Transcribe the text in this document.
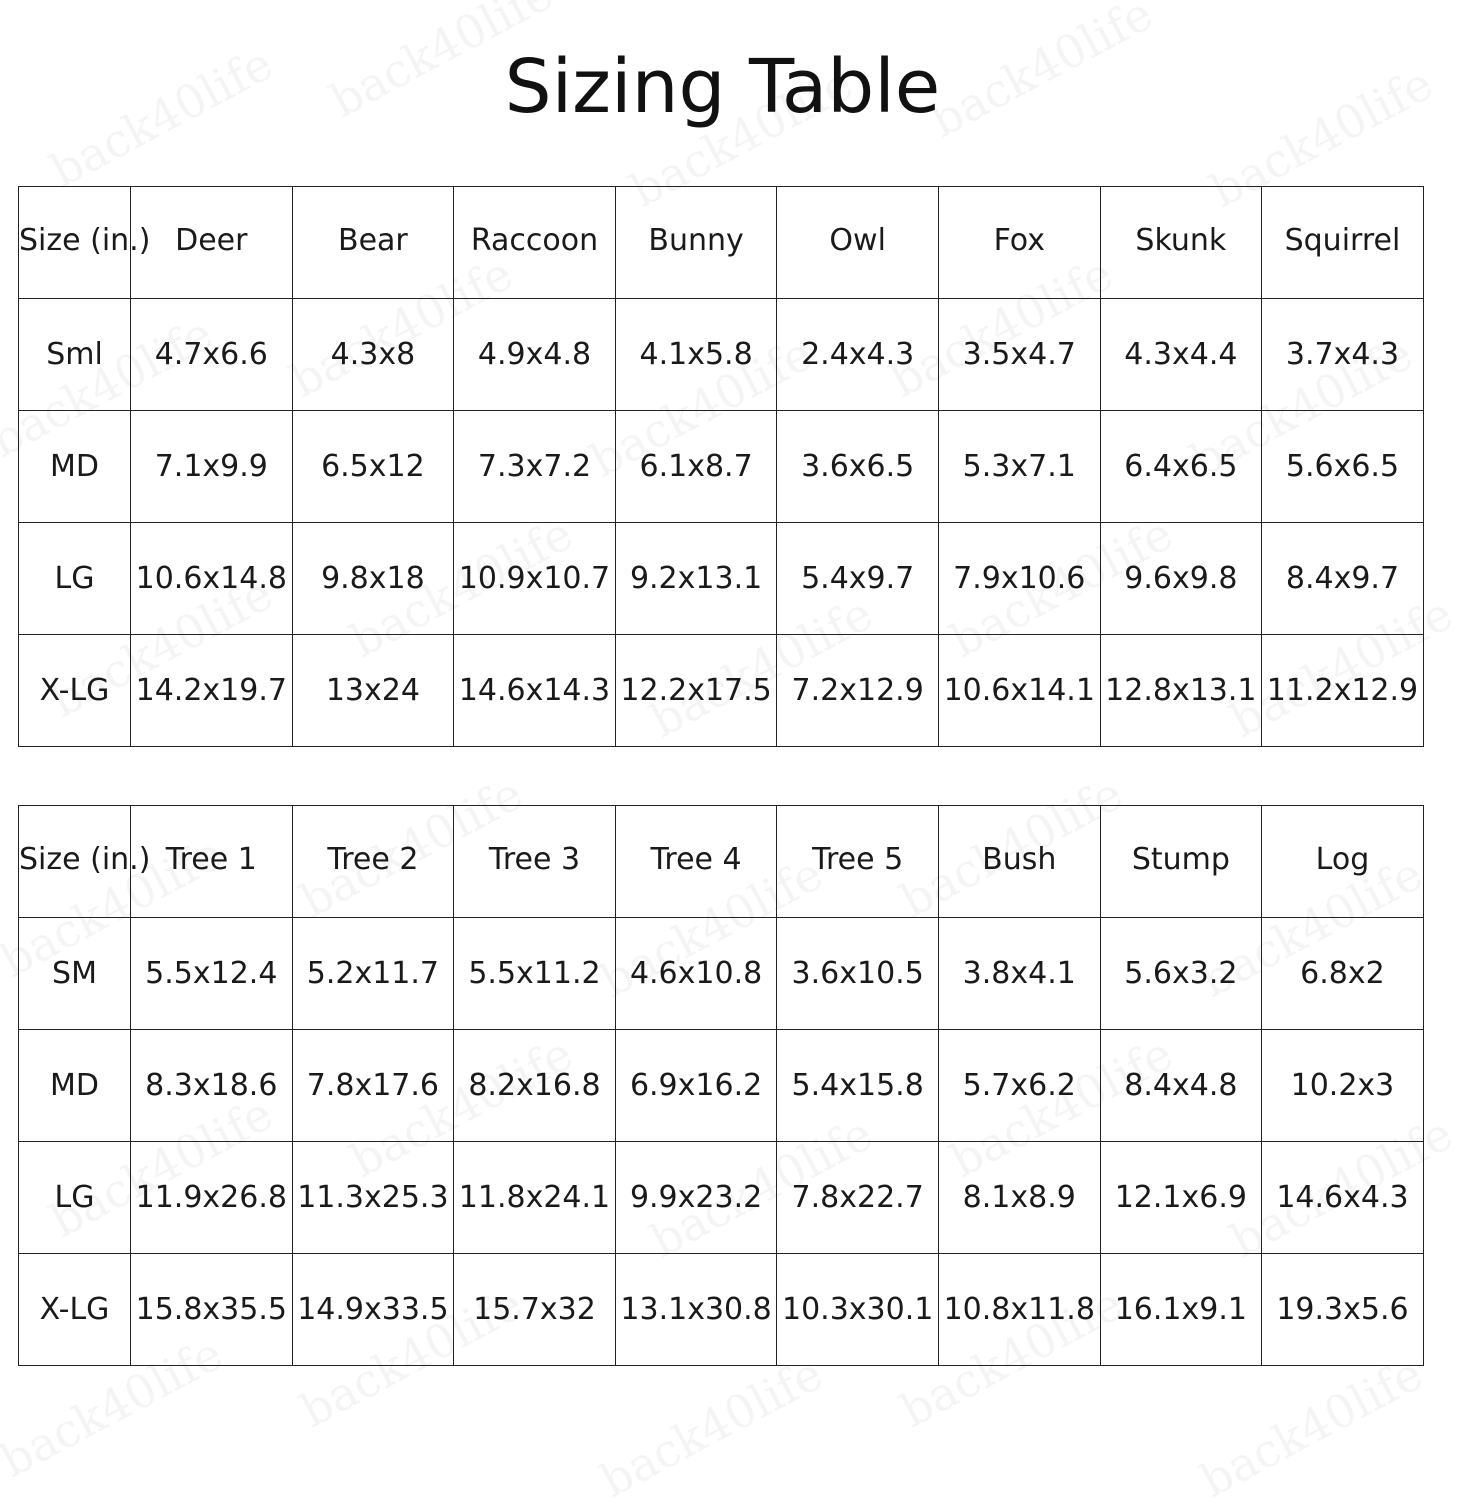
Sizing Table
Size (in.)	Deer	Bear	Raccoon	Bunny	Owl	Fox	Skunk	Squirrel
Sml	4.7x6.6	4.3x8	4.9x4.8	4.1x5.8	2.4x4.3	3.5x4.7	4.3x4.4	3.7x4.3
MD	7.1x9.9	6.5x12	7.3x7.2	6.1x8.7	3.6x6.5	5.3x7.1	6.4x6.5	5.6x6.5
LG	10.6x14.8	9.8x18	10.9x10.7	9.2x13.1	5.4x9.7	7.9x10.6	9.6x9.8	8.4x9.7
X-LG	14.2x19.7	13x24	14.6x14.3	12.2x17.5	7.2x12.9	10.6x14.1	12.8x13.1	11.2x12.9
Size (in.)	Tree 1	Tree 2	Tree 3	Tree 4	Tree 5	Bush	Stump	Log
SM	5.5x12.4	5.2x11.7	5.5x11.2	4.6x10.8	3.6x10.5	3.8x4.1	5.6x3.2	6.8x2
MD	8.3x18.6	7.8x17.6	8.2x16.8	6.9x16.2	5.4x15.8	5.7x6.2	8.4x4.8	10.2x3
LG	11.9x26.8	11.3x25.3	11.8x24.1	9.9x23.2	7.8x22.7	8.1x8.9	12.1x6.9	14.6x4.3
X-LG	15.8x35.5	14.9x33.5	15.7x32	13.1x30.8	10.3x30.1	10.8x11.8	16.1x9.1	19.3x5.6
